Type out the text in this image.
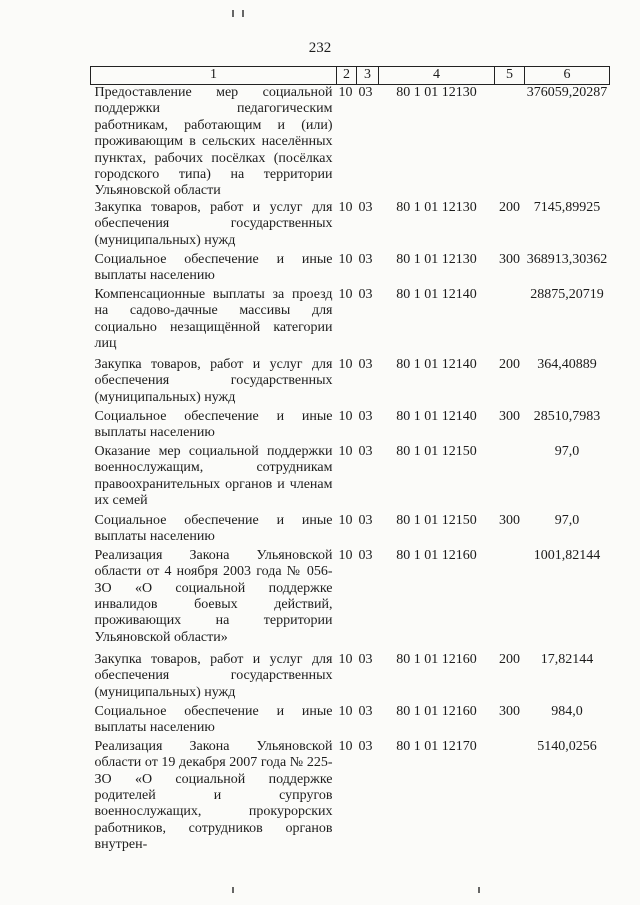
232
1	2	3	4	5	6
Предоставление мер социальной поддержки педагогическим работникам, работающим и (или) проживающим в сельских населённых пунктах, рабочих посёлках (посёлках городского типа) на территории Ульяновской области	10	03	80 1 01 12130		376059,20287
Закупка товаров, работ и услуг для обеспечения государственных (муниципальных) нужд	10	03	80 1 01 12130	200	7145,89925
Социальное обеспечение и иные выплаты населению	10	03	80 1 01 12130	300	368913,30362
Компенсационные выплаты за проезд на садово-дачные массивы для социально незащищённой категории лиц	10	03	80 1 01 12140		28875,20719
Закупка товаров, работ и услуг для обеспечения государственных (муниципальных) нужд	10	03	80 1 01 12140	200	364,40889
Социальное обеспечение и иные выплаты населению	10	03	80 1 01 12140	300	28510,7983
Оказание мер социальной поддержки военнослужащим, сотрудникам правоохранительных органов и членам их семей	10	03	80 1 01 12150		97,0
Социальное обеспечение и иные выплаты населению	10	03	80 1 01 12150	300	97,0
Реализация Закона Ульяновской области от 4 ноября 2003 года № 056-ЗО «О социальной поддержке инвалидов боевых действий, проживающих на территории Ульяновской области»	10	03	80 1 01 12160		1001,82144
Закупка товаров, работ и услуг для обеспечения государственных (муниципальных) нужд	10	03	80 1 01 12160	200	17,82144
Социальное обеспечение и иные выплаты населению	10	03	80 1 01 12160	300	984,0
Реализация Закона Ульяновской области от 19 декабря 2007 года № 225-ЗО «О социальной поддержке родителей и супругов военнослужащих, прокурорских работников, сотрудников органов внутрен-	10	03	80 1 01 12170		5140,0256
